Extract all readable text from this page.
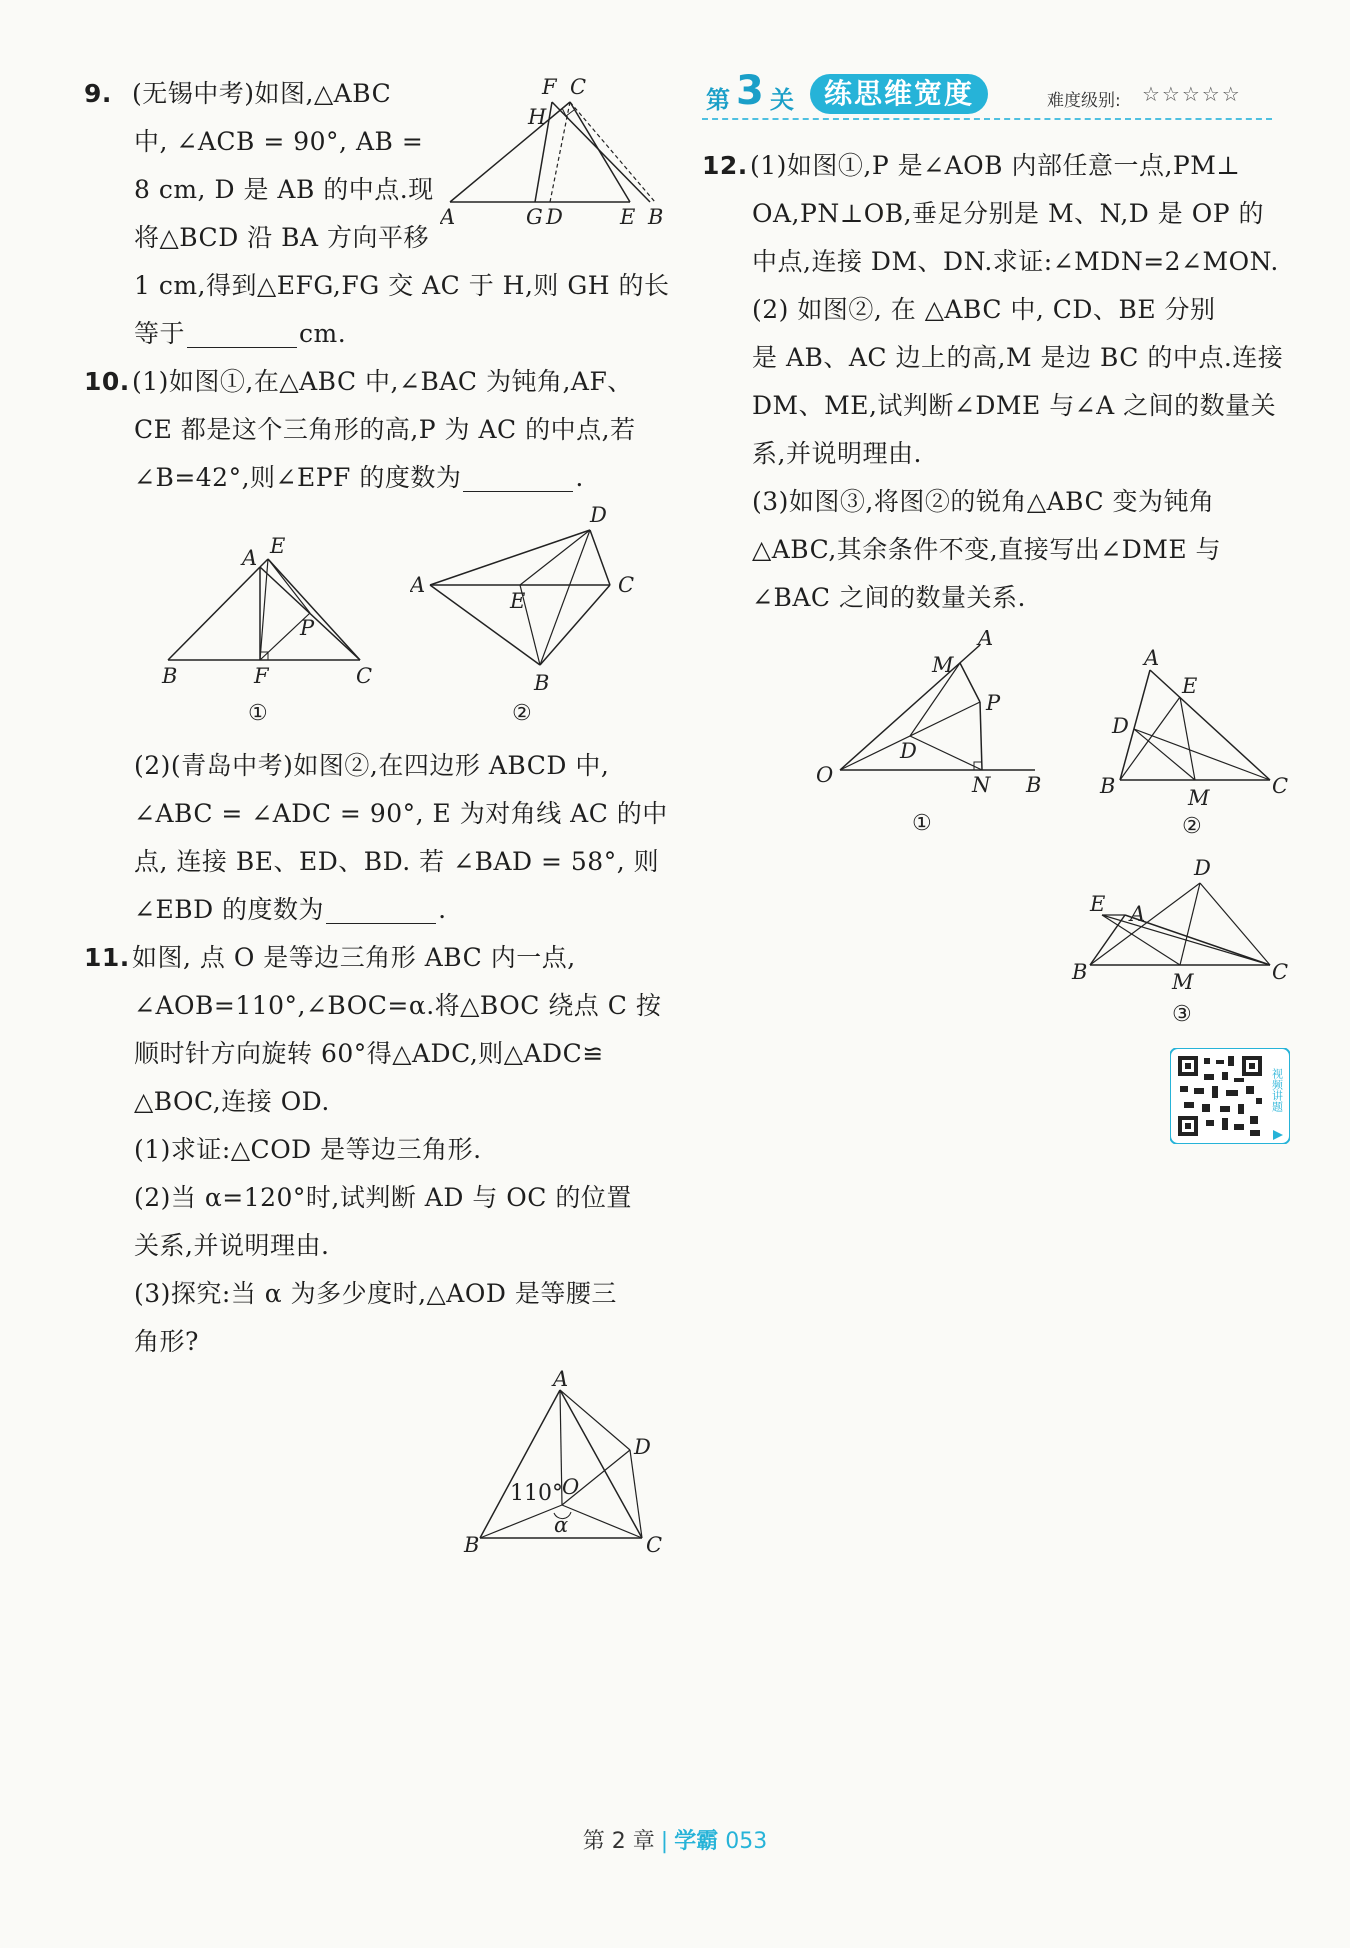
9. (无锡中考)如图,△ABC
中, ∠ACB = 90°, AB =
8 cm, D 是 AB 的中点.现
将△BCD 沿 BA 方向平移
1 cm,得到△EFG,FG 交 AC 于 H,则 GH 的长
等于	cm.
10.(1)如图①,在△ABC 中,∠BAC 为钝角,AF、
CE 都是这个三角形的高,P 为 AC 的中点,若
∠B=42°,则∠EPF 的度数为	.
(2)(青岛中考)如图②,在四边形 ABCD 中,
∠ABC = ∠ADC = 90°, E 为对角线 AC 的中
点, 连接 BE、ED、BD. 若 ∠BAD = 58°, 则
∠EBD 的度数为	.
11.如图, 点 O 是等边三角形 ABC 内一点,
∠AOB=110°,∠BOC=α.将△BOC 绕点 C 按
顺时针方向旋转 60°得△ADC,则△ADC≌
△BOC,连接 OD.
(1)求证:△COD 是等边三角形.
(2)当 α=120°时,试判断 AD 与 OC 的位置
关系,并说明理由.
(3)探究:当 α 为多少度时,△AOD 是等腰三
角形?
F C
H
A	G D	E B
A E
P
B	F	C
①
D
A
E
C
B
②
A
D
110° O
α
B	C
第 3 关	练思维宽度	难度级别: ☆☆☆☆☆
12.(1)如图①,P 是∠AOB 内部任意一点,PM⊥
OA,PN⊥OB,垂足分别是 M、N,D 是 OP 的
中点,连接 DM、DN.求证:∠MDN=2∠MON.
(2) 如图②, 在 △ABC 中, CD、BE 分别
是 AB、AC 边上的高,M 是边 BC 的中点.连接
DM、ME,试判断∠DME 与∠A 之间的数量关
系,并说明理由.
(3)如图③,将图②的锐角△ABC 变为钝角
△ABC,其余条件不变,直接写出∠DME 与
∠BAC 之间的数量关系.
A
M
P
D
O	N B
①
A
E
D
B	M	C
②
D
E A
B	M	C
③
视频讲题
第 2 章 | 学霸 053
